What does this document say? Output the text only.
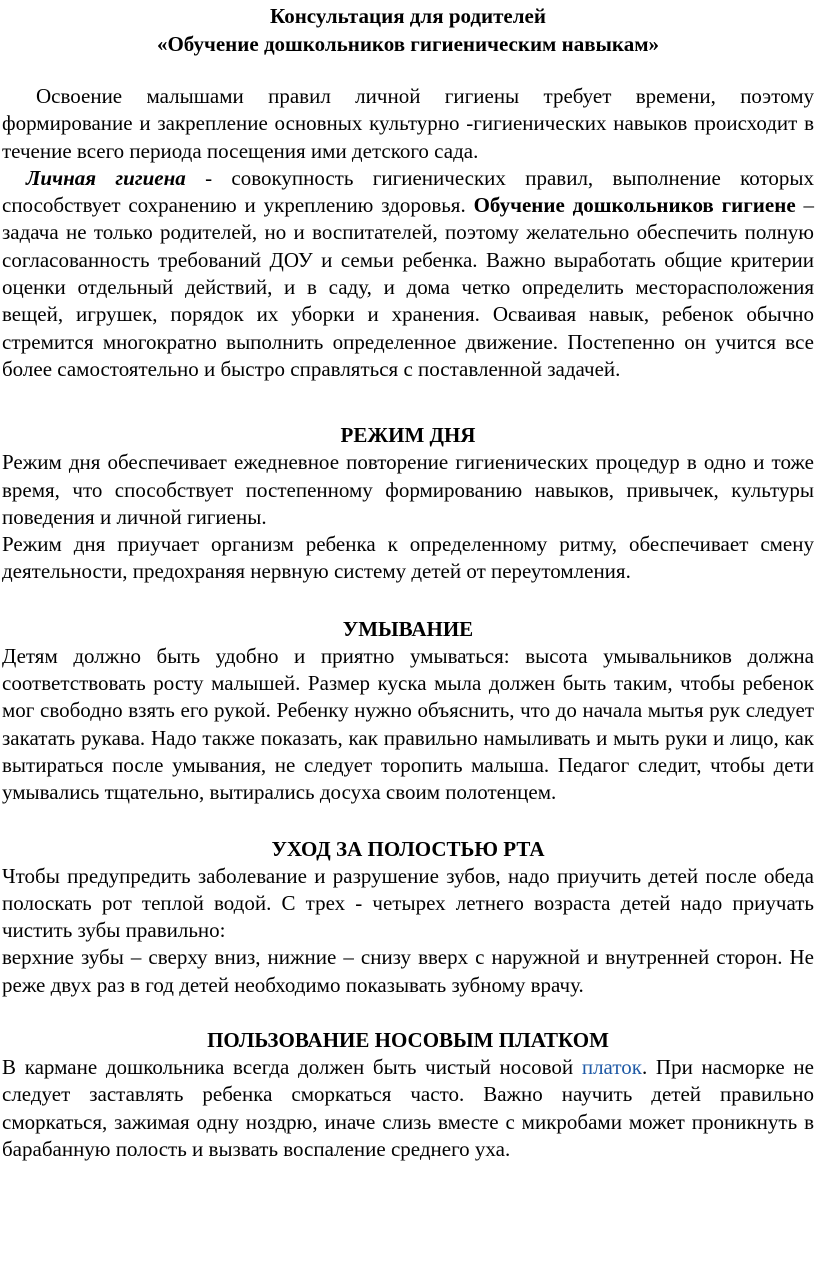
Консультация для родителей

«Обучение дошкольников гигиеническим навыкам»

Освоение малышами правил личной гигиены требует времени, поэтому формирование и закрепление основных культурно -гигиенических навыков происходит в течение всего периода посещения ими детского сада.

Личная гигиена - совокупность гигиенических правил, выполнение которых способствует сохранению и укреплению здоровья. Обучение дошкольников гигиене – задача не только родителей, но и воспитателей, поэтому желательно обеспечить полную согласованность требований ДОУ и семьи ребенка. Важно выработать общие критерии оценки отдельный действий, и в саду, и дома четко определить месторасположения вещей, игрушек, порядок их уборки и хранения. Осваивая навык, ребенок обычно стремится многократно выполнить определенное движение. Постепенно он учится все более самостоятельно и быстро справляться с поставленной задачей.

РЕЖИМ ДНЯ

Режим дня обеспечивает ежедневное повторение гигиенических процедур в одно и тоже время, что способствует постепенному формированию навыков, привычек, культуры поведения и личной гигиены.

Режим дня приучает организм ребенка к определенному ритму, обеспечивает смену деятельности, предохраняя нервную систему детей от переутомления.

УМЫВАНИЕ

Детям должно быть удобно и приятно умываться: высота умывальников должна соответствовать росту малышей. Размер куска мыла должен быть таким, чтобы ребенок мог свободно взять его рукой. Ребенку нужно объяснить, что до начала мытья рук следует закатать рукава. Надо также показать, как правильно намыливать и мыть руки и лицо, как вытираться после умывания, не следует торопить малыша. Педагог следит, чтобы дети умывались тщательно, вытирались досуха своим полотенцем.

УХОД ЗА ПОЛОСТЬЮ РТА

Чтобы предупредить заболевание и разрушение зубов, надо приучить детей после обеда полоскать рот теплой водой. С трех - четырех летнего возраста детей надо приучать чистить зубы правильно:

верхние зубы – сверху вниз, нижние – снизу вверх с наружной и внутренней сторон. Не реже двух раз в год детей необходимо показывать зубному врачу.

ПОЛЬЗОВАНИЕ НОСОВЫМ ПЛАТКОМ

В кармане дошкольника всегда должен быть чистый носовой платок. При насморке не следует заставлять ребенка сморкаться часто. Важно научить детей правильно сморкаться, зажимая одну ноздрю, иначе слизь вместе с микробами может проникнуть в барабанную полость и вызвать воспаление среднего уха.
